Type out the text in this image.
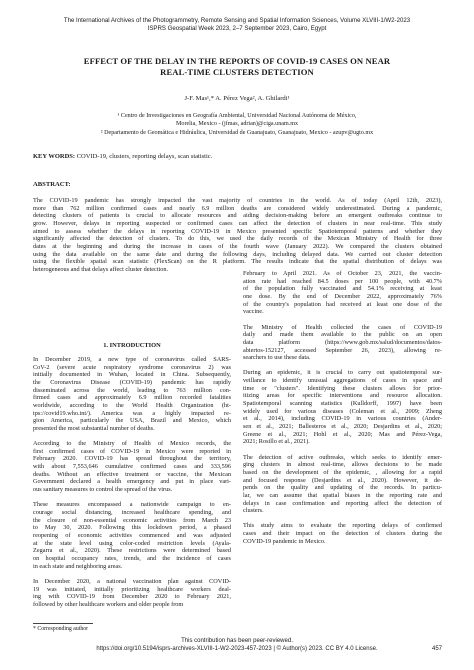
The International Archives of the Photogrammetry, Remote Sensing and Spatial Information Sciences, Volume XLVIII-1/W2-2023
ISPRS Geospatial Week 2023, 2–7 September 2023, Cairo, Egypt
EFFECT OF THE DELAY IN THE REPORTS OF COVID-19 CASES ON NEAR
REAL-TIME CLUSTERS DETECTION
J-F. Mas¹,* A. Pérez Vega², A. Ghilardi¹
¹ Centro de Investigaciones en Geografía Ambiental, Universidad Nacional Autónoma de México,
Morelia, Mexico - (jfmas, adrian)@ciga.unam.mx
² Departamento de Geomática e Hidráulica, Universidad de Guanajuato, Guanajuato, Mexico - azupv@ugto.mx
KEY WORDS: COVID-19, clusters, reporting delays, scan statistic.
ABSTRACT:
The COVID-19 pandemic has strongly impacted the vast majority of countries in the world. As of today (April 12th, 2023),
more than 762 million confirmed cases and nearly 6.9 million deaths are considered widely underestimated. During a pandemic,
detecting clusters of patients is crucial to allocate resources and aiding decision-making before an emergent outbreaks continue to
grow. However, delays in reporting suspected or confirmed cases can affect the detection of clusters in near real-time. This study
aimed to assess whether the delays in reporting COVID-19 in Mexico presented specific Spatiotemporal patterns and whether they
significantly affected the detection of clusters. To do this, we used the daily records of the Mexican Ministry of Health for three
dates at the beginning and during the increase in cases of the fourth wave (January 2022). We compared the clusters obtained
using the data available on the same date and during the following days, including delayed data. We carried out cluster detection
using the flexible spatial scan statistic (FlexScan) on the R platform. The results indicate that the spatial distribution of delays was
heterogeneous and that delays affect cluster detection.
1. INTRODUCTION
In December 2019, a new type of coronavirus called SARS-
CoV-2 (severe acute respiratory syndrome coronavirus 2) was
initially documented in Wuhan, located in China. Subsequently,
the Coronavirus Disease (COVID-19) pandemic has rapidly
disseminated across the world, leading to 763 million con-
firmed cases and approximately 6.9 million recorded fatalities
worldwide, according to the World Health Organization (ht-
tps://covid19.who.int/). America was a highly impacted re-
gion America, particularly the USA, Brazil and Mexico, which
presented the most substantial number of deaths.
According to the Ministry of Health of Mexico records, the
first confirmed cases of COVID-19 in Mexico were reported in
February 2020. COVID-19 has spread throughout the territory,
with about 7,553,646 cumulative confirmed cases and 333,596
deaths. Without an effective treatment or vaccine, the Mexican
Government declared a health emergency and put in place vari-
ous sanitary measures to control the spread of the virus.
These measures encompassed a nationwide campaign to en-
courage social distancing, increased healthcare spending, and
the closure of non-essential economic activities from March 23
to May 30, 2020. Following this lockdown period, a phased
reopening of economic activities commenced and was adjusted
at the state level using color-coded restriction levels (Ayala-
Zegarra et al., 2020). These restrictions were determined based
on hospital occupancy rates, trends, and the incidence of cases
in each state and neighboring areas.
In December 2020, a national vaccination plan against COVID-
19 was initiated, initially prioritizing healthcare workers deal-
ing with COVID-19 from December 2020 to February 2021,
followed by other healthcare workers and older people from
* Corresponding author
February to April 2021. As of October 23, 2021, the vaccin-
ation rate had reached 84.5 doses per 100 people, with 40.7%
of the population fully vaccinated and 54.1% receiving at least
one dose. By the end of December 2022, approximately 76%
of the country's population had received at least one dose of the
vaccine.
The Ministry of Health collected the cases of COVID-19
daily and made them available to the public on an open
data platform (https://www.gob.mx/salud/documentos/datos-
abiertos-152127, accessed September 26, 2023), allowing re-
searchers to use these data.
During an epidemic, it is crucial to carry out spatiotemporal sur-
veillance to identify unusual aggregations of cases in space and
time or "clusters". Identifying these clusters allows for prior-
itizing areas for specific interventions and resource allocation.
Spatiotemporal scanning statistics (Kulldorff, 1997) have been
widely used for various diseases (Coleman et al., 2009; Zheng
et al., 2014), including COVID-19 in various countries (Ander-
sen et al., 2021; Ballesteros et al., 2020; Desjardins et al., 2020;
Greene et al., 2021; Hohl et al., 2020; Mas and Pérez-Vega,
2021; Rosillo et al., 2021).
The detection of active outbreaks, which seeks to identify emer-
ging clusters in almost real-time, allows decisions to be made
based on the development of the epidemic, , allowing for a rapid
and focused response (Desjardins et al., 2020). However, it de-
pends on the quality and updating of the records. In particu-
lar, we can assume that spatial biases in the reporting rate and
delays in case confirmation and reporting affect the detection of
clusters.
This study aims to evaluate the reporting delays of confirmed
cases and their impact on the detection of clusters during the
COVID-19 pandemic in Mexico.
This contribution has been peer-reviewed.
https://doi.org/10.5194/isprs-archives-XLVIII-1-W2-2023-457-2023 | © Author(s) 2023. CC BY 4.0 License.	457
